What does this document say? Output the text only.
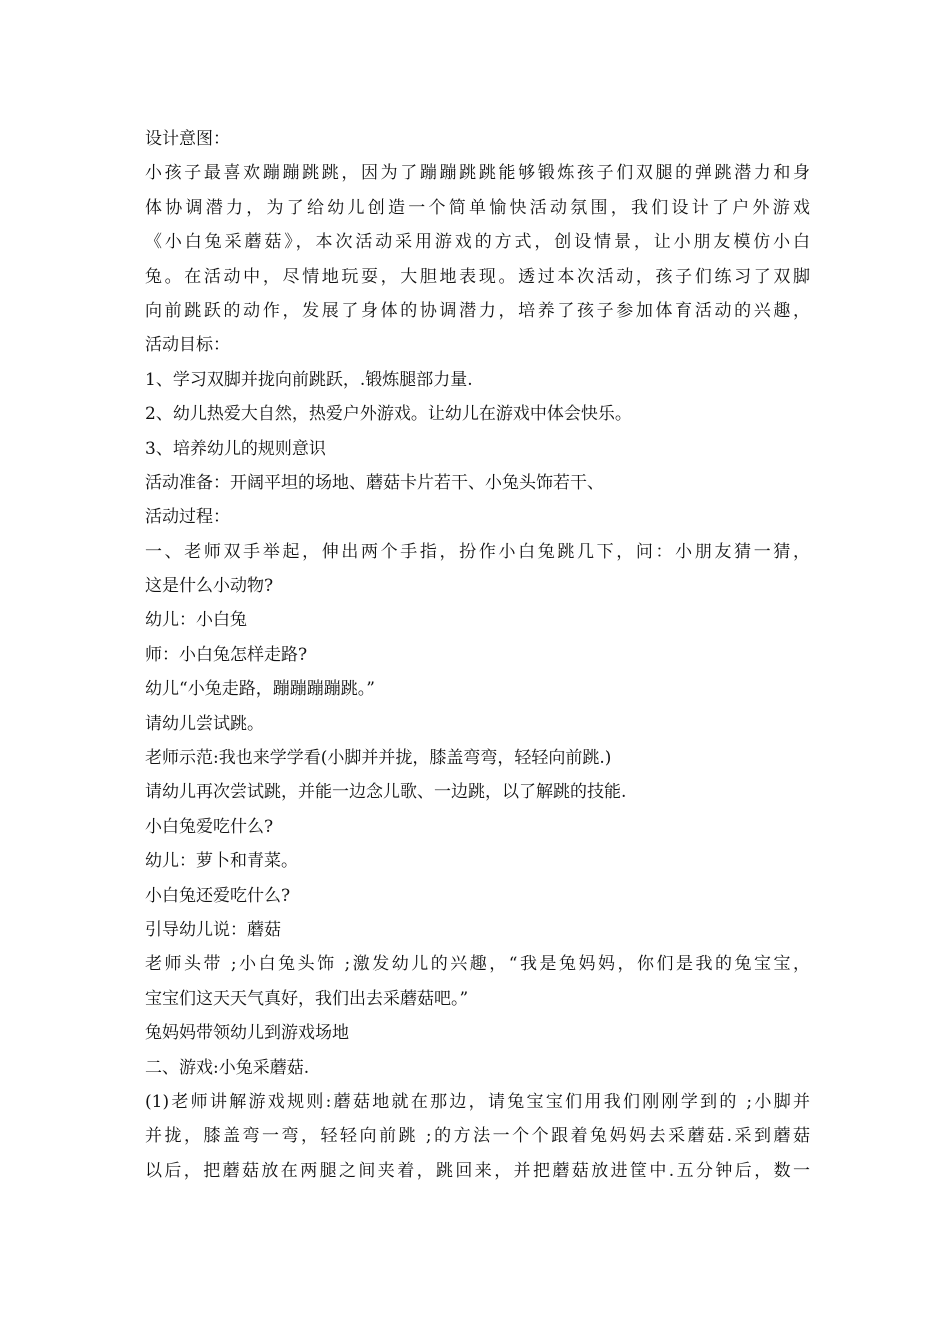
设计意图：
小孩子最喜欢蹦蹦跳跳，因为了蹦蹦跳跳能够锻炼孩子们双腿的弹跳潜力和身
体协调潜力，为了给幼儿创造一个简单愉快活动氛围，我们设计了户外游戏
《小白兔采蘑菇》，本次活动采用游戏的方式，创设情景，让小朋友模仿小白
兔。在活动中，尽情地玩耍，大胆地表现。透过本次活动，孩子们练习了双脚
向前跳跃的动作，发展了身体的协调潜力，培养了孩子参加体育活动的兴趣，
活动目标：
1、学习双脚并拢向前跳跃，.锻炼腿部力量.
2、幼儿热爱大自然，热爱户外游戏。让幼儿在游戏中体会快乐。
3、培养幼儿的规则意识
活动准备：开阔平坦的场地、蘑菇卡片若干、小兔头饰若干、
活动过程：
一、老师双手举起，伸出两个手指，扮作小白兔跳几下，问：小朋友猜一猜，
这是什么小动物?
幼儿：小白兔
师：小白兔怎样走路?
幼儿“小兔走路，蹦蹦蹦蹦跳。”
请幼儿尝试跳。
老师示范:我也来学学看(小脚并并拢，膝盖弯弯，轻轻向前跳.)
请幼儿再次尝试跳，并能一边念儿歌、一边跳，以了解跳的技能.
小白兔爱吃什么?
幼儿：萝卜和青菜。
小白兔还爱吃什么?
引导幼儿说：蘑菇
老师头带 ;小白兔头饰 ;激发幼儿的兴趣，“我是兔妈妈，你们是我的兔宝宝，
宝宝们这天天气真好，我们出去采蘑菇吧。”
兔妈妈带领幼儿到游戏场地
二、游戏:小兔采蘑菇.
(1)老师讲解游戏规则:蘑菇地就在那边，请兔宝宝们用我们刚刚学到的 ;小脚并
并拢，膝盖弯一弯，轻轻向前跳 ;的方法一个个跟着兔妈妈去采蘑菇.采到蘑菇
以后，把蘑菇放在两腿之间夹着，跳回来，并把蘑菇放进筐中.五分钟后，数一
